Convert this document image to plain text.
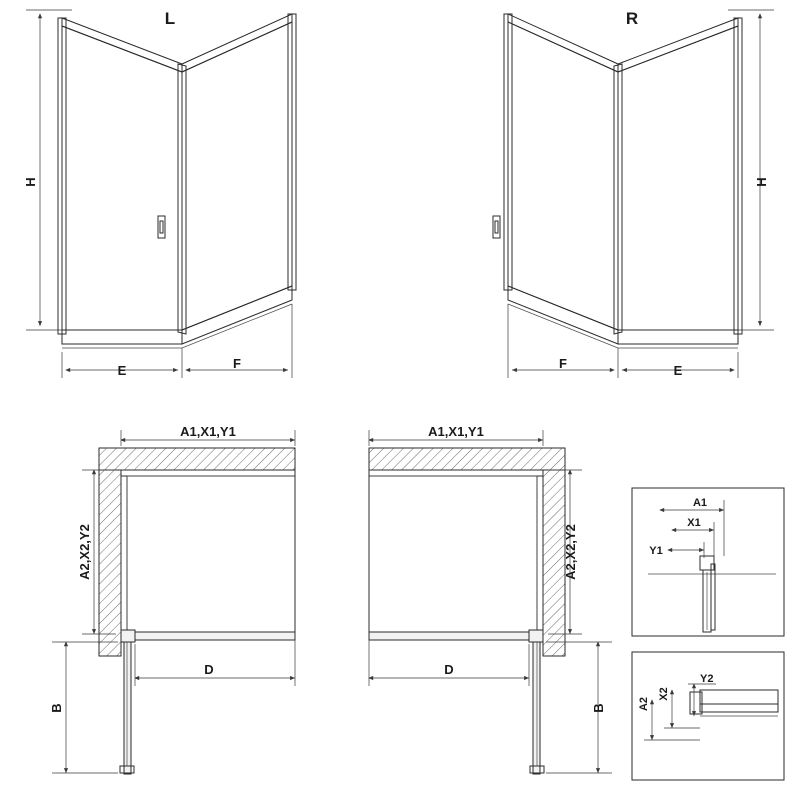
L
H
E	F
R
H
E
F
A1,X1,Y1
A2,X2,Y2
D
B
A1,X1,Y1
A2,X2,Y2
D
B
A1
X1
Y1
A2
X2
Y2
